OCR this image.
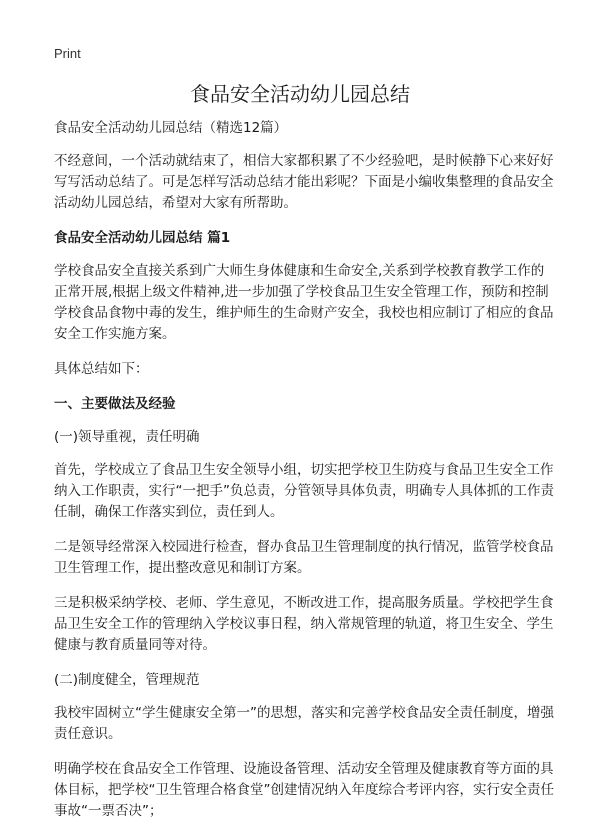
Print
食品安全活动幼儿园总结

食品安全活动幼儿园总结（精选12篇）

不经意间，一个活动就结束了，相信大家都积累了不少经验吧，是时候静下心来好好写写活动总结了。可是怎样写活动总结才能出彩呢？下面是小编收集整理的食品安全活动幼儿园总结，希望对大家有所帮助。

食品安全活动幼儿园总结 篇1

学校食品安全直接关系到广大师生身体健康和生命安全,关系到学校教育教学工作的正常开展,根据上级文件精神,进一步加强了学校食品卫生安全管理工作，预防和控制学校食品食物中毒的发生，维护师生的生命财产安全，我校也相应制订了相应的食品安全工作实施方案。

具体总结如下：

一、主要做法及经验
(一)领导重视，责任明确

首先，学校成立了食品卫生安全领导小组，切实把学校卫生防疫与食品卫生安全工作纳入工作职责，实行“一把手”负总责，分管领导具体负责，明确专人具体抓的工作责任制，确保工作落实到位，责任到人。

二是领导经常深入校园进行检查，督办食品卫生管理制度的执行情况，监管学校食品卫生管理工作，提出整改意见和制订方案。

三是积极采纳学校、老师、学生意见，不断改进工作，提高服务质量。学校把学生食品卫生安全工作的管理纳入学校议事日程，纳入常规管理的轨道，将卫生安全、学生健康与教育质量同等对待。

(二)制度健全，管理规范

我校牢固树立“学生健康安全第一”的思想，落实和完善学校食品安全责任制度，增强责任意识。

明确学校在食品安全工作管理、设施设备管理、活动安全管理及健康教育等方面的具体目标，把学校“卫生管理合格食堂”创建情况纳入年度综合考评内容，实行安全责任事故“一票否决”；
